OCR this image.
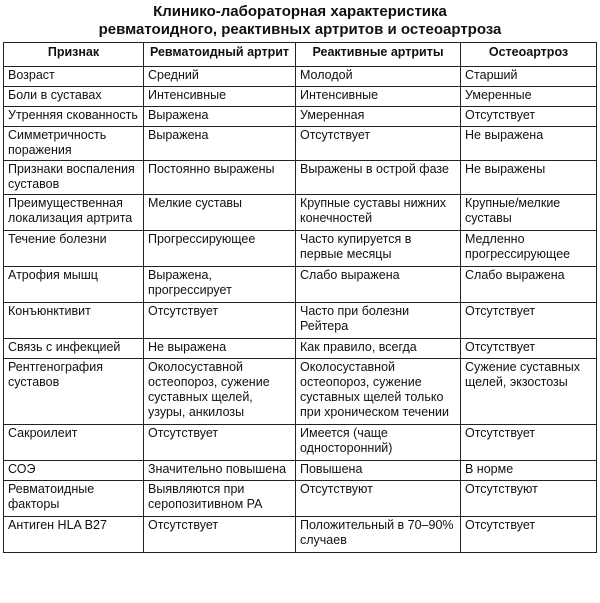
Клинико-лабораторная характеристика
ревматоидного, реактивных артритов и остеоартроза
Признак	Ревматоидный артрит	Реактивные артриты	Остеоартроз
Возраст	Средний	Молодой	Старший
Боли в суставах	Интенсивные	Интенсивные	Умеренные
Утренняя скованность	Выражена	Умеренная	Отсутствует
Симметричность поражения	Выражена	Отсутствует	Не выражена
Признаки воспаления суставов	Постоянно выражены	Выражены в острой фазе	Не выражены
Преимущественная локализация артрита	Мелкие суставы	Крупные суставы нижних конечностей	Крупные/мелкие суставы
Течение болезни	Прогрессирующее	Часто купируется в первые месяцы	Медленно прогрессирующее
Атрофия мышц	Выражена, прогрессирует	Слабо выражена	Слабо выражена
Конъюнктивит	Отсутствует	Часто при болезни Рейтера	Отсутствует
Связь с инфекцией	Не выражена	Как правило, всегда	Отсутствует
Рентгенография суставов	Околосуставной остеопороз, сужение суставных щелей, узуры, анкилозы	Околосуставной остеопороз, сужение суставных щелей только при хроническом течении	Сужение суставных щелей, экзостозы
Сакроилеит	Отсутствует	Имеется (чаще односторонний)	Отсутствует
СОЭ	Значительно повышена	Повышена	В норме
Ревматоидные факторы	Выявляются при серопозитивном РА	Отсутствуют	Отсутствуют
Антиген HLA B27	Отсутствует	Положительный в 70–90% случаев	Отсутствует
